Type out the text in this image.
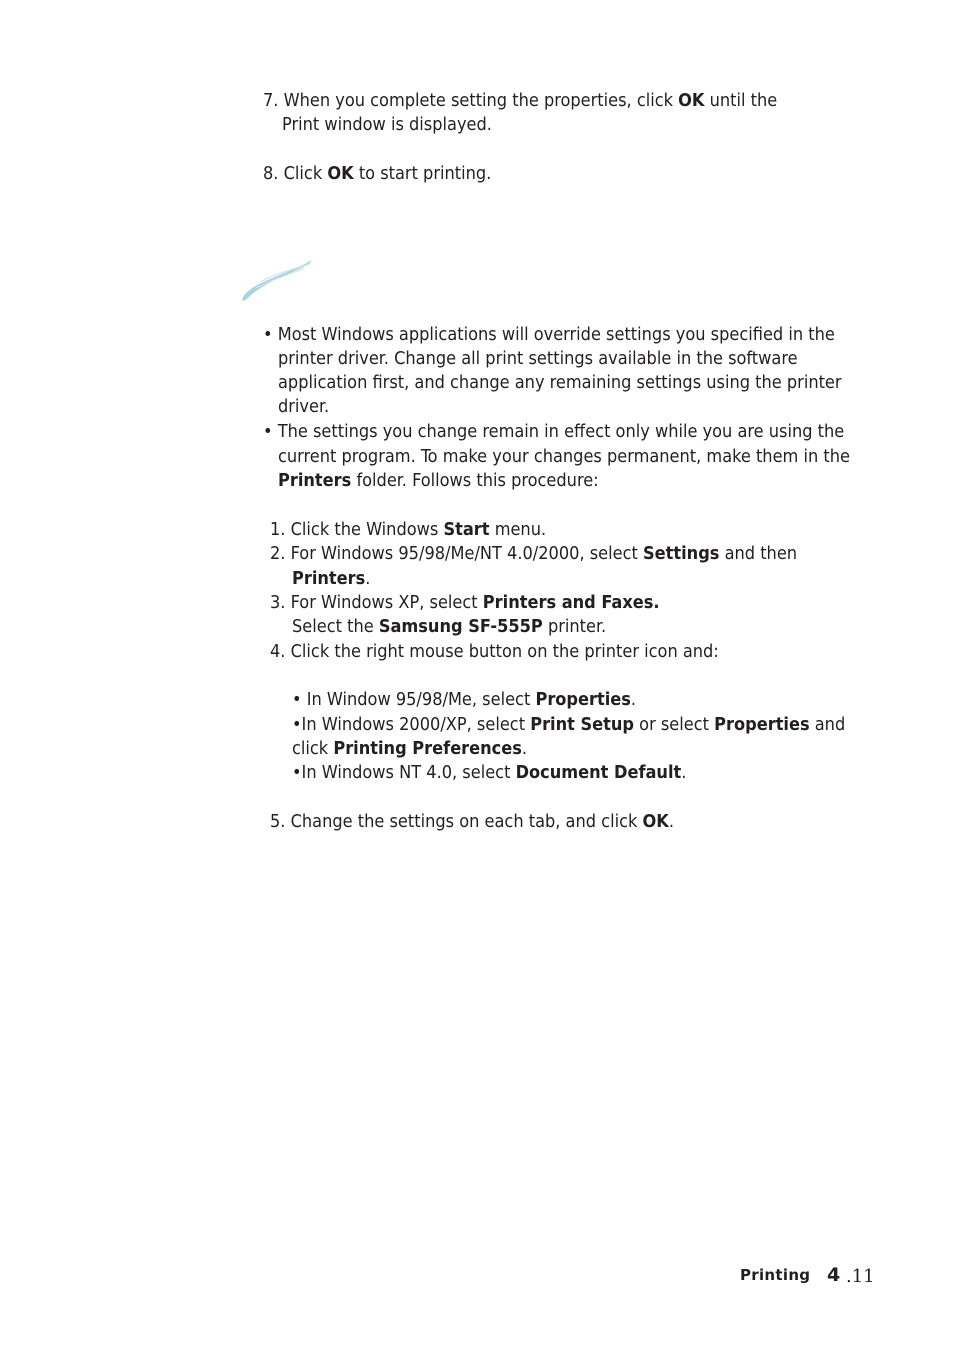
7. When you complete setting the properties, click OK until the
Print window is displayed.
8. Click OK to start printing.
• Most Windows applications will override settings you specified in the
printer driver. Change all print settings available in the software
application first, and change any remaining settings using the printer
driver.
• The settings you change remain in effect only while you are using the
current program. To make your changes permanent, make them in the
Printers folder. Follows this procedure:
1. Click the Windows Start menu.
2. For Windows 95/98/Me/NT 4.0/2000, select Settings and then
Printers.
3. For Windows XP, select Printers and Faxes.
Select the Samsung SF-555P printer.
4. Click the right mouse button on the printer icon and:
• In Window 95/98/Me, select Properties.
•In Windows 2000/XP, select Print Setup or select Properties and
click Printing Preferences.
•In Windows NT 4.0, select Document Default.
5. Change the settings on each tab, and click OK.
Printing 4 .11
